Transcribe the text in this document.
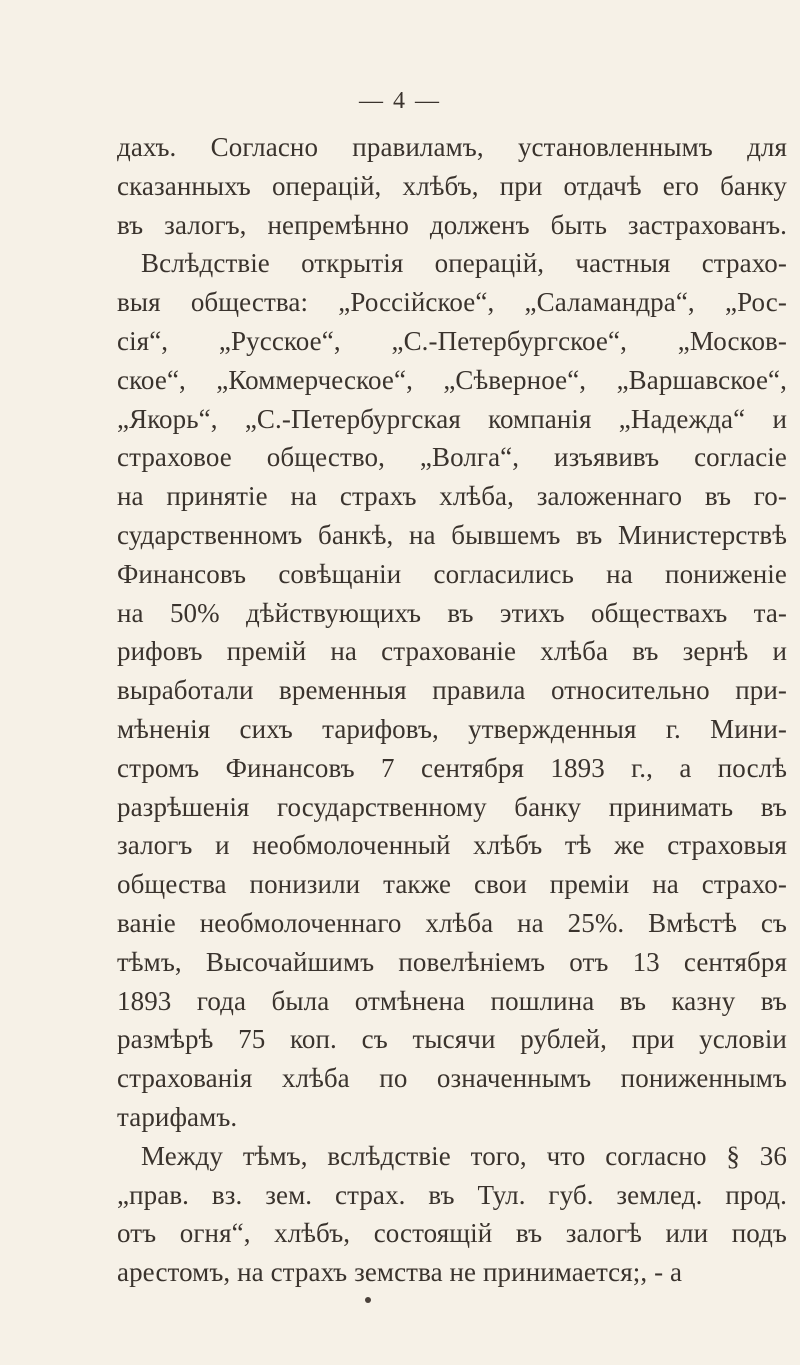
— 4 —
дахъ. Согласно правиламъ, установленнымъ для
сказанныхъ операцій, хлѣбъ, при отдачѣ его банку
въ залогъ, непремѣнно долженъ быть застрахованъ.
Вслѣдствіе открытія операцій, частныя страхо-
выя общества: „Россійское“, „Саламандра“, „Рос-
сія“, „Русское“, „С.-Петербургское“, „Москов-
ское“, „Коммерческое“, „Сѣверное“, „Варшавское“,
„Якорь“, „С.-Петербургская компанія „Надежда“ и
страховое общество, „Волга“, изъявивъ согласіе
на принятіе на страхъ хлѣба, заложеннаго въ го-
сударственномъ банкѣ, на бывшемъ въ Министерствѣ
Финансовъ совѣщаніи согласились на пониженіе
на 50% дѣйствующихъ въ этихъ обществахъ та-
рифовъ премій на страхованіе хлѣба въ зернѣ и
выработали временныя правила относительно при-
мѣненія сихъ тарифовъ, утвержденныя г. Мини-
стромъ Финансовъ 7 сентября 1893 г., а послѣ
разрѣшенія государственному банку принимать въ
залогъ и необмолоченный хлѣбъ тѣ же страховыя
общества понизили также свои преміи на страхо-
ваніе необмолоченнаго хлѣба на 25%. Вмѣстѣ съ
тѣмъ, Высочайшимъ повелѣніемъ отъ 13 сентября
1893 года была отмѣнена пошлина въ казну въ
размѣрѣ 75 коп. съ тысячи рублей, при условіи
страхованія хлѣба по означеннымъ пониженнымъ
тарифамъ.
Между тѣмъ, вслѣдствіе того, что согласно § 36
„прав. вз. зем. страх. въ Тул. губ. землед. прод.
отъ огня“, хлѣбъ, состоящій въ залогѣ или подъ
арестомъ, на страхъ земства не принимается;, - а
